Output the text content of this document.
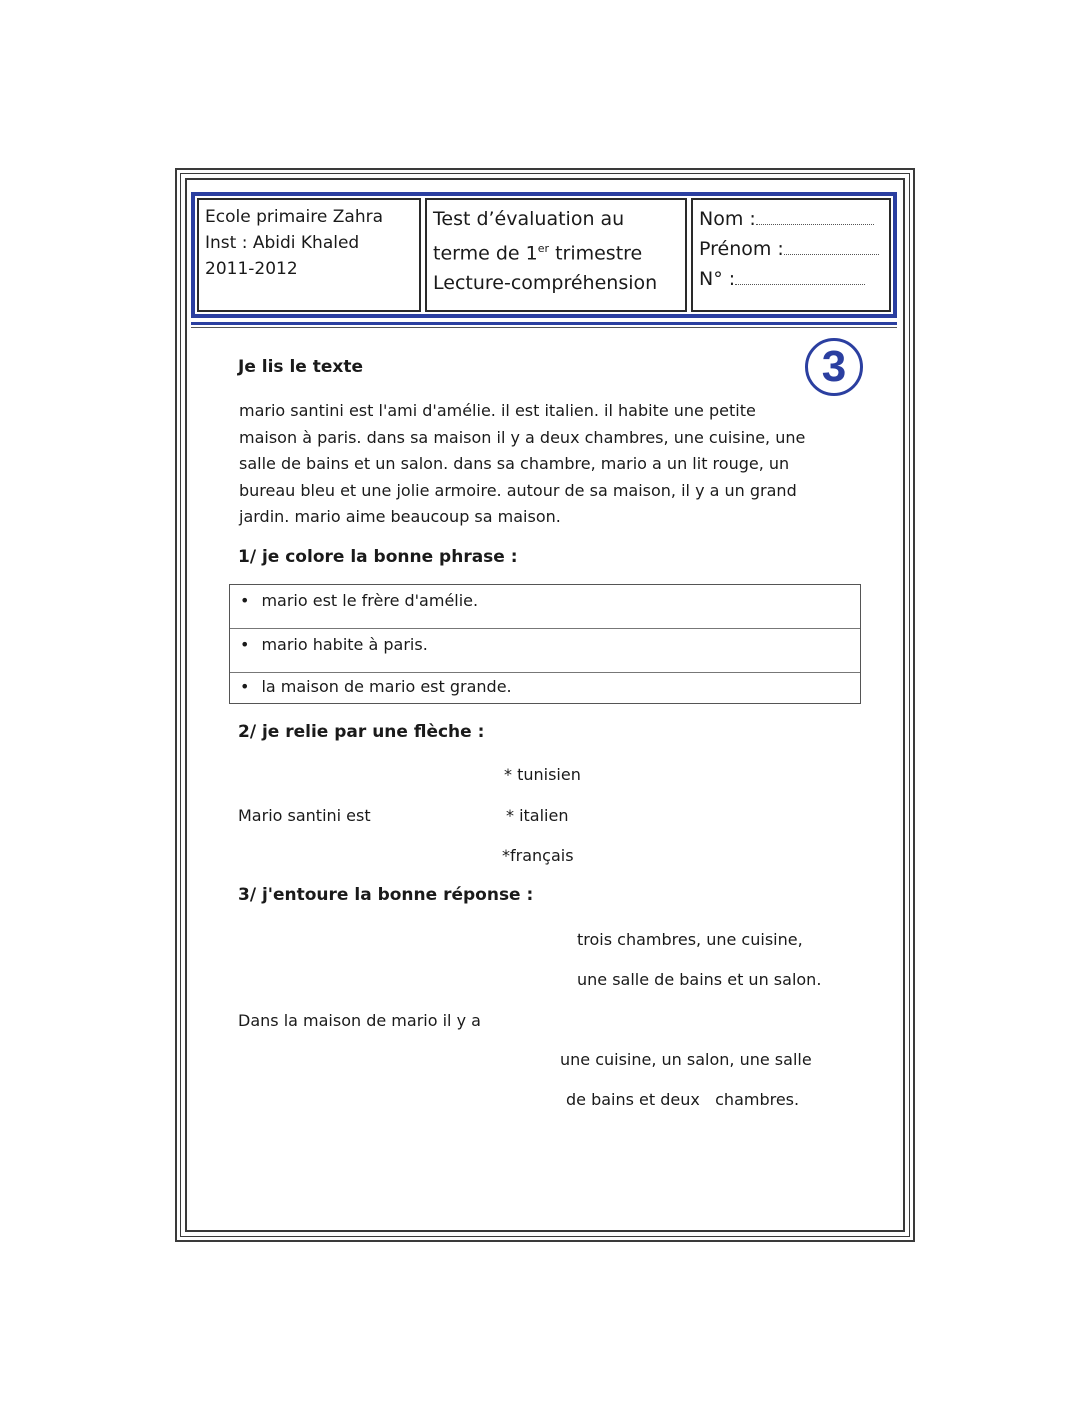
Ecole primaire Zahra
Inst : Abidi Khaled
2011-2012
Test d’évaluation au
terme de 1er trimestre
Lecture-compréhension
Nom :
Prénom :
N° :
3
Je lis le texte
mario santini est l'ami d'amélie. il est italien. il habite une petite
maison à paris. dans sa maison il y a deux chambres, une cuisine, une
salle de bains et un salon. dans sa chambre, mario a un lit rouge, un
bureau bleu et une jolie armoire. autour de sa maison, il y a un grand
jardin. mario aime beaucoup sa maison.
1/ je colore la bonne phrase :
• mario est le frère d'amélie.
• mario habite à paris.
• la maison de mario est grande.
2/ je relie par une flèche :
* tunisien
Mario santini est	* italien
*français
3/ j'entoure la bonne réponse :
trois chambres, une cuisine,
une salle de bains et un salon.
Dans la maison de mario il y a
une cuisine, un salon, une salle
de bains et deux   chambres.
